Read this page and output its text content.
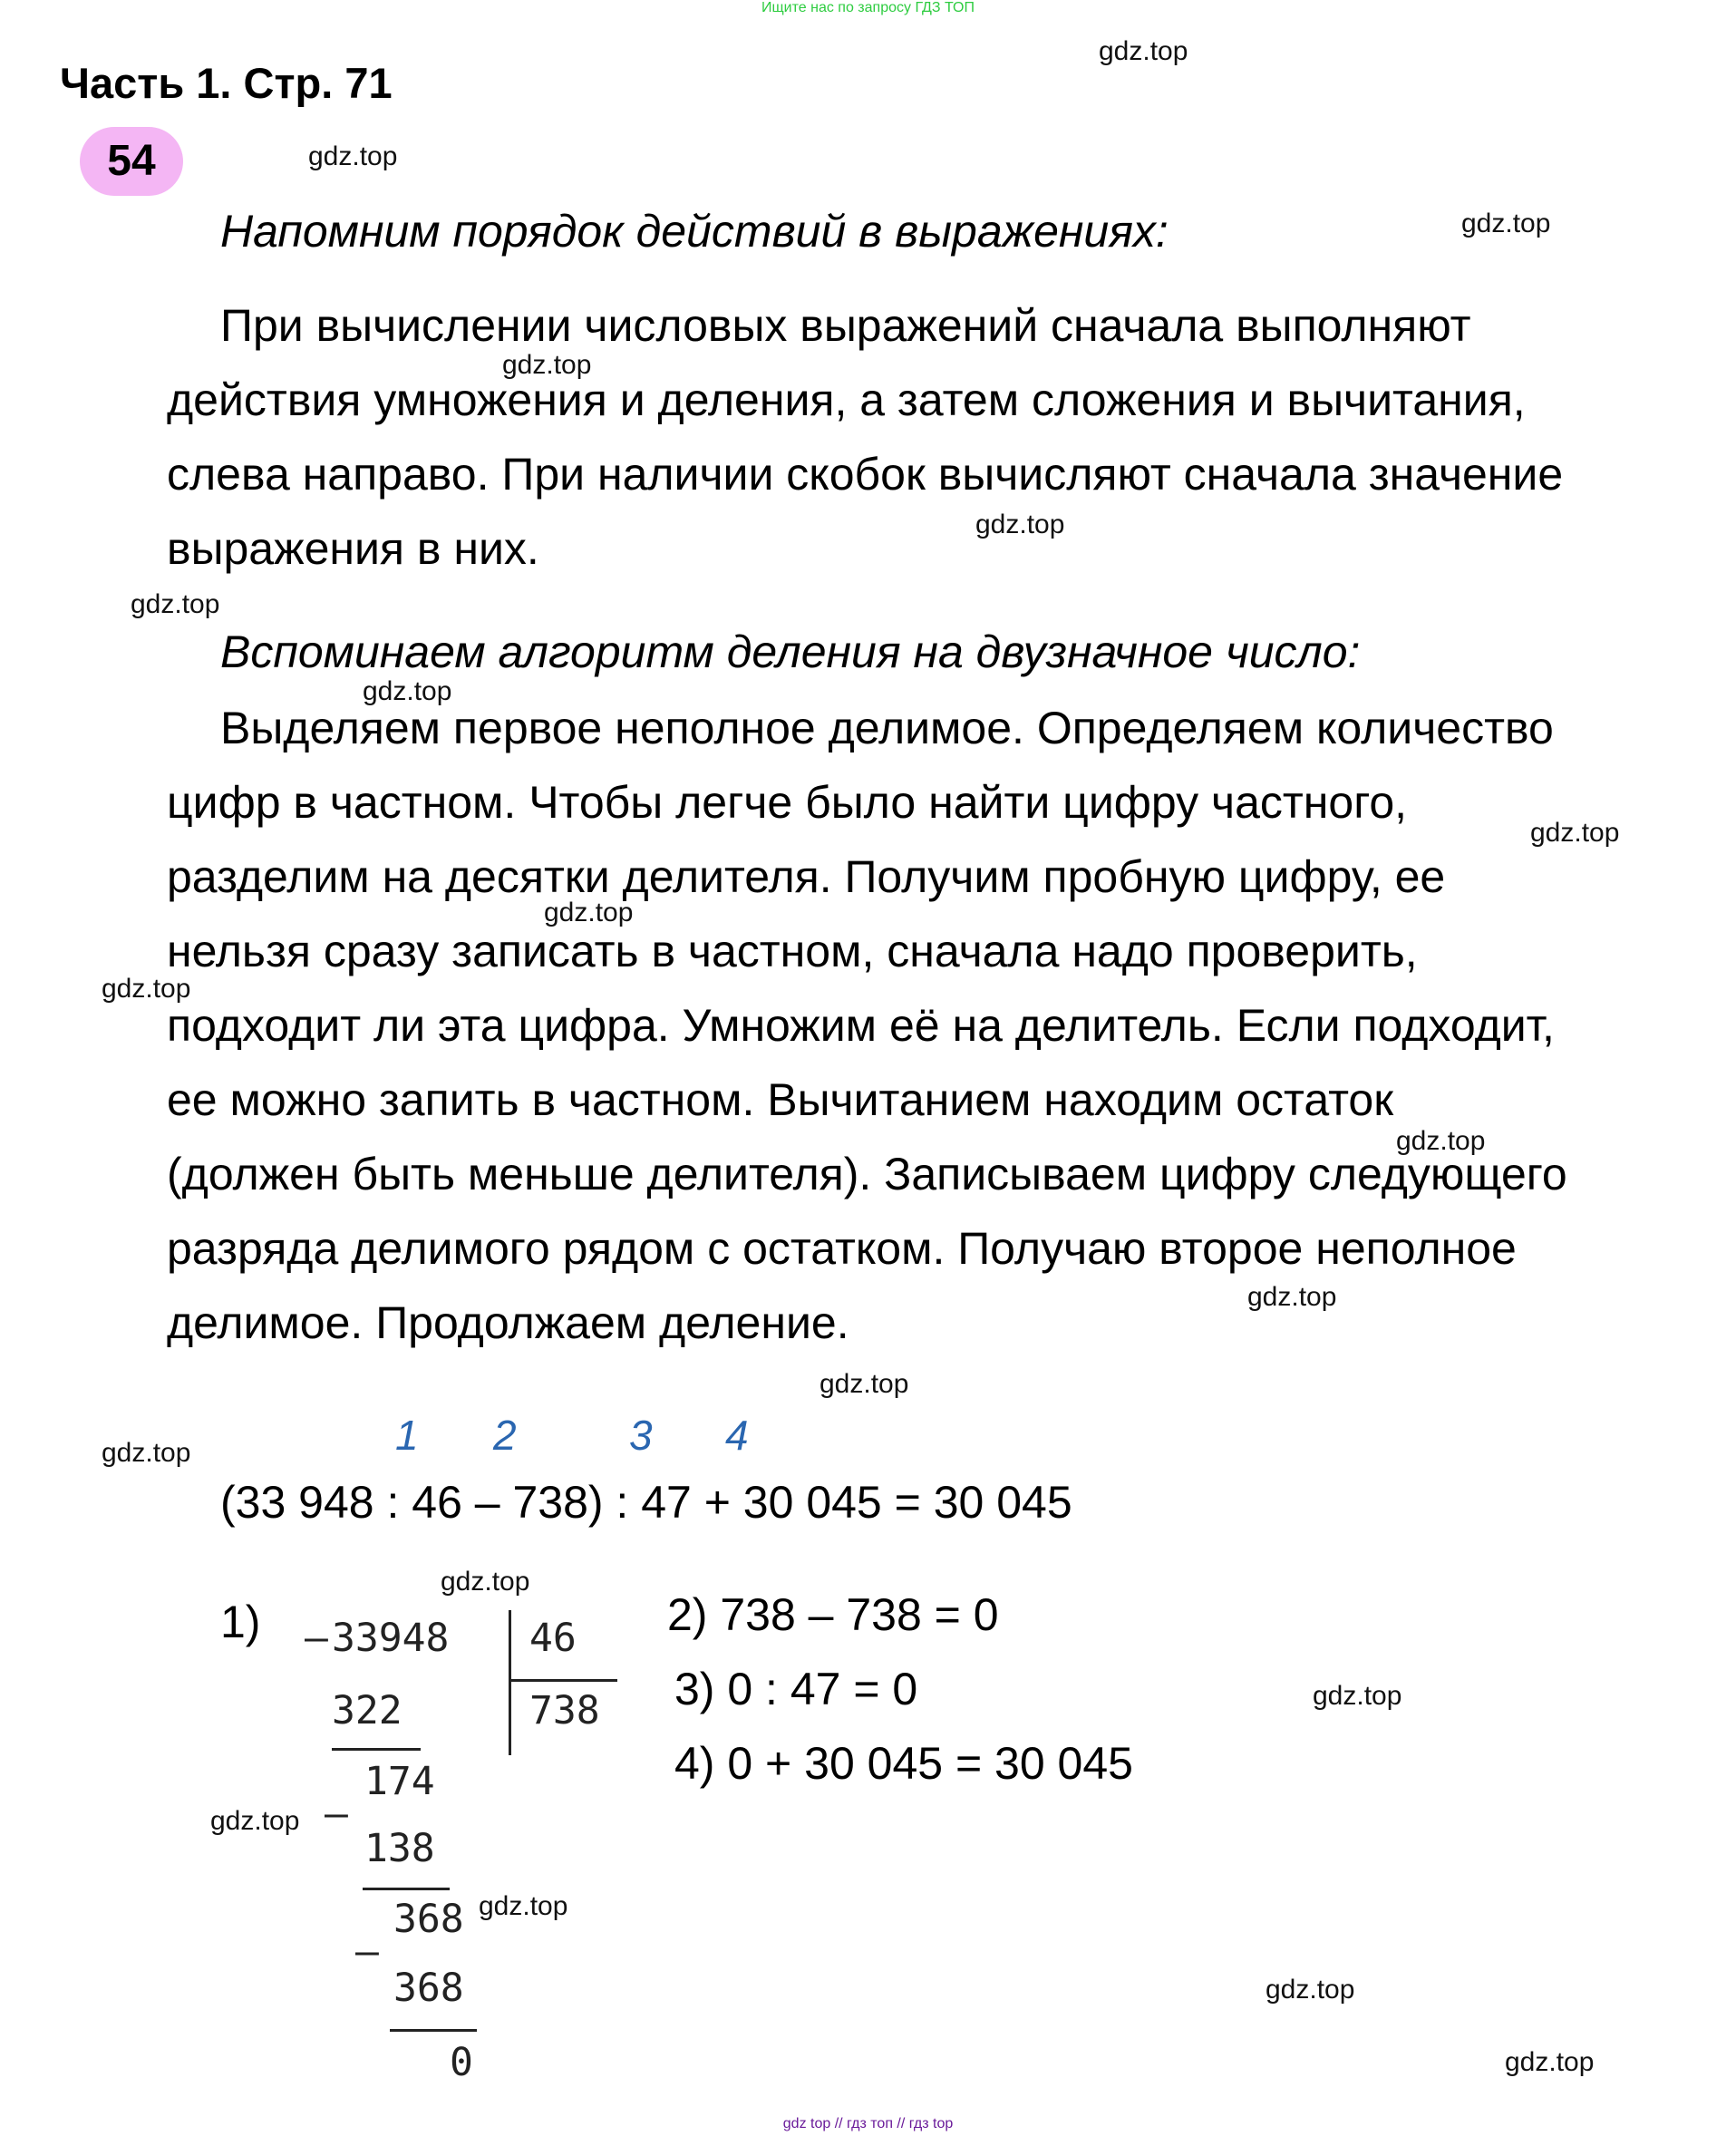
Ищите нас по запросу ГДЗ ТОП
Часть 1. Стр. 71
54
Напомним порядок действий в выражениях:
При вычислении числовых выражений сначала выполняют
действия умножения и деления, а затем сложения и вычитания,
слева направо. При наличии скобок вычисляют сначала значение
выражения в них.
Вспоминаем алгоритм деления на двузначное число:
Выделяем первое неполное делимое. Определяем количество
цифр в частном. Чтобы легче было найти цифру частного,
разделим на десятки делителя. Получим пробную цифру, ее
нельзя сразу записать в частном, сначала надо проверить,
подходит ли эта цифра. Умножим её на делитель. Если подходит,
ее можно запить в частном. Вычитанием находим остаток
(должен быть меньше делителя). Записываем цифру следующего
разряда делимого рядом с остатком. Получаю второе неполное
делимое. Продолжаем деление.
1 2	3 4
(33 948 : 46 – 738) : 47 + 30 045 = 30 045
1) – 33948 46
738
322
174
–
138
368
–
368
0
2) 738 – 738 = 0
3) 0 : 47 = 0
4) 0 + 30 045 = 30 045
gdz.top
gdz.top
gdz.top
gdz.top
gdz.top
gdz.top
gdz.top
gdz.top
gdz.top
gdz.top
gdz.top
gdz.top
gdz.top
gdz.top
gdz.top
gdz.top
gdz.top
gdz.top
gdz.top
gdz.top
gdz top // гдз топ // гдз top
